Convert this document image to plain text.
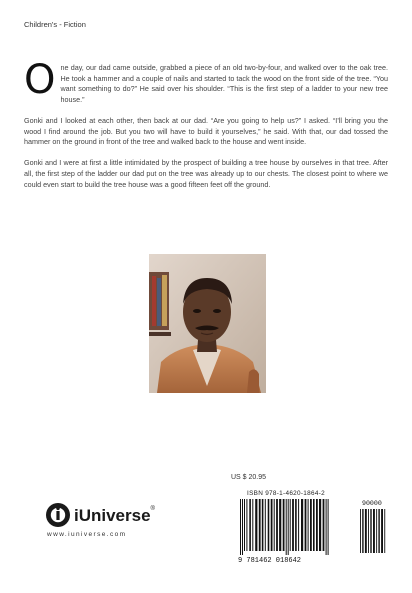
Children's - Fiction

One day, our dad came outside, grabbed a piece of an old two-by-four, and walked over to the oak tree. He took a hammer and a couple of nails and started to tack the wood on the front side of the tree. “You want something to do?” He said over his shoulder. “This is the first step of a ladder to your new tree house.”

Gonki and I looked at each other, then back at our dad. “Are you going to help us?” I asked. “I’ll bring you the wood I find around the job. But you two will have to build it yourselves,” he said. With that, our dad tossed the hammer on the ground in front of the tree and walked back to the house and went inside.

Gonki and I were at first a little intimidated by the prospect of building a tree house by ourselves in that tree. After all, the first step of the ladder our dad put on the tree was already up to our chests. The closest point to where we could even start to build the tree house was a good fifteen feet off the ground.

US $ 20.95
ISBN 978-1-4620-1864-2
9 781462 018642
90000
iUniverse®
www.iuniverse.com
